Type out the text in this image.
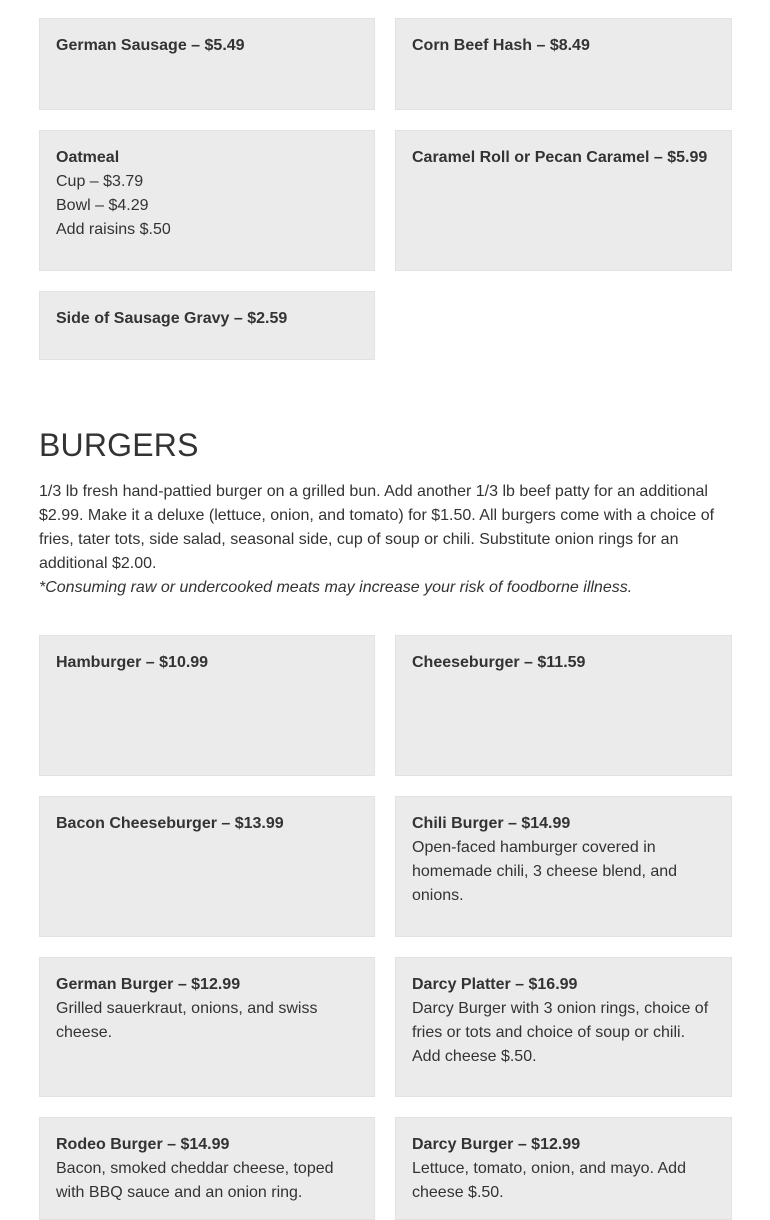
German Sausage – $5.49	Corn Beef Hash – $8.49
Oatmeal
Cup – $3.79
Bowl – $4.29
Add raisins $.50
Caramel Roll or Pecan Caramel – $5.99
Side of Sausage Gravy – $2.59
BURGERS

1/3 lb fresh hand-pattied burger on a grilled bun. Add another 1/3 lb beef patty for an additional $2.99. Make it a deluxe (lettuce, onion, and tomato) for $1.50. All burgers come with a choice of fries, tater tots, side salad, seasonal side, cup of soup or chili. Substitute onion rings for an additional $2.00.

*Consuming raw or undercooked meats may increase your risk of foodborne illness.

Hamburger – $10.99	Cheeseburger – $11.59
Bacon Cheeseburger – $13.99	Chili Burger – $14.99
Open-faced hamburger covered in
homemade chili, 3 cheese blend, and
onions.
German Burger – $12.99
Grilled sauerkraut, onions, and swiss
cheese.
Darcy Platter – $16.99
Darcy Burger with 3 onion rings, choice of
fries or tots and choice of soup or chili.
Add cheese $.50.
Rodeo Burger – $14.99
Bacon, smoked cheddar cheese, toped
with BBQ sauce and an onion ring.
Darcy Burger – $12.99
Lettuce, tomato, onion, and mayo. Add
cheese $.50.
